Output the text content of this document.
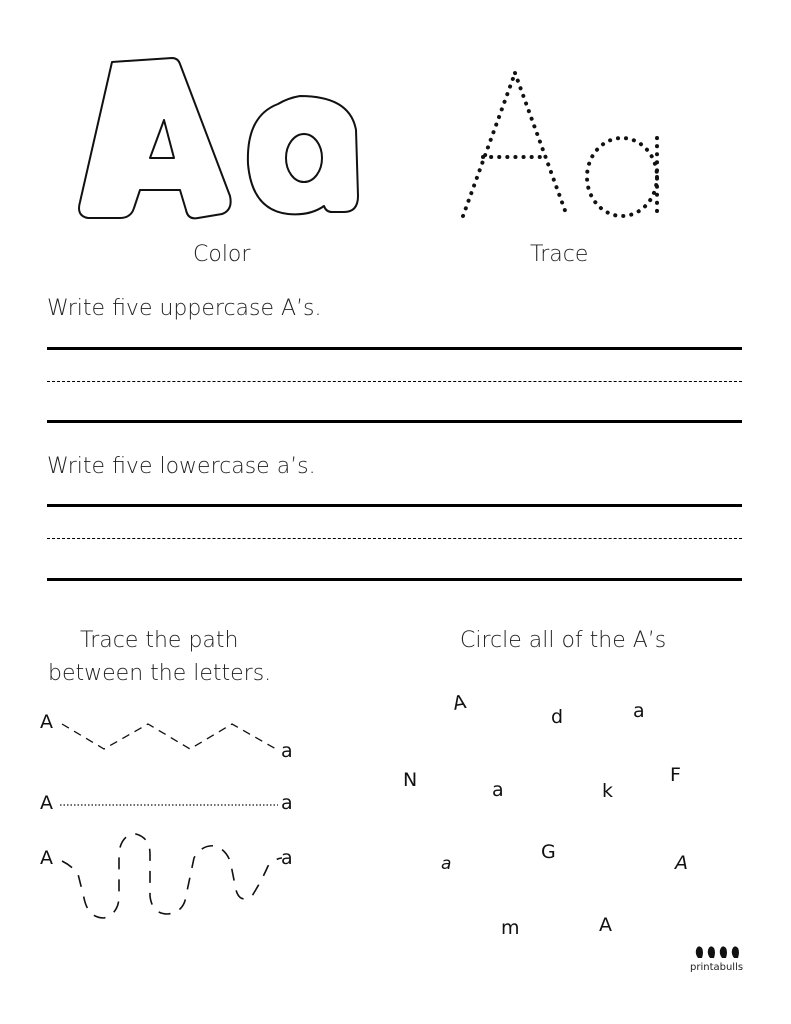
Color	Trace
Write five uppercase A’s.
Write five lowercase a’s.
Trace the path
between the letters.
A
a
A	a
A	a
Circle all of the A’s
A
d	a
N	a	k
F
a
G	A
m	A
printabulls
